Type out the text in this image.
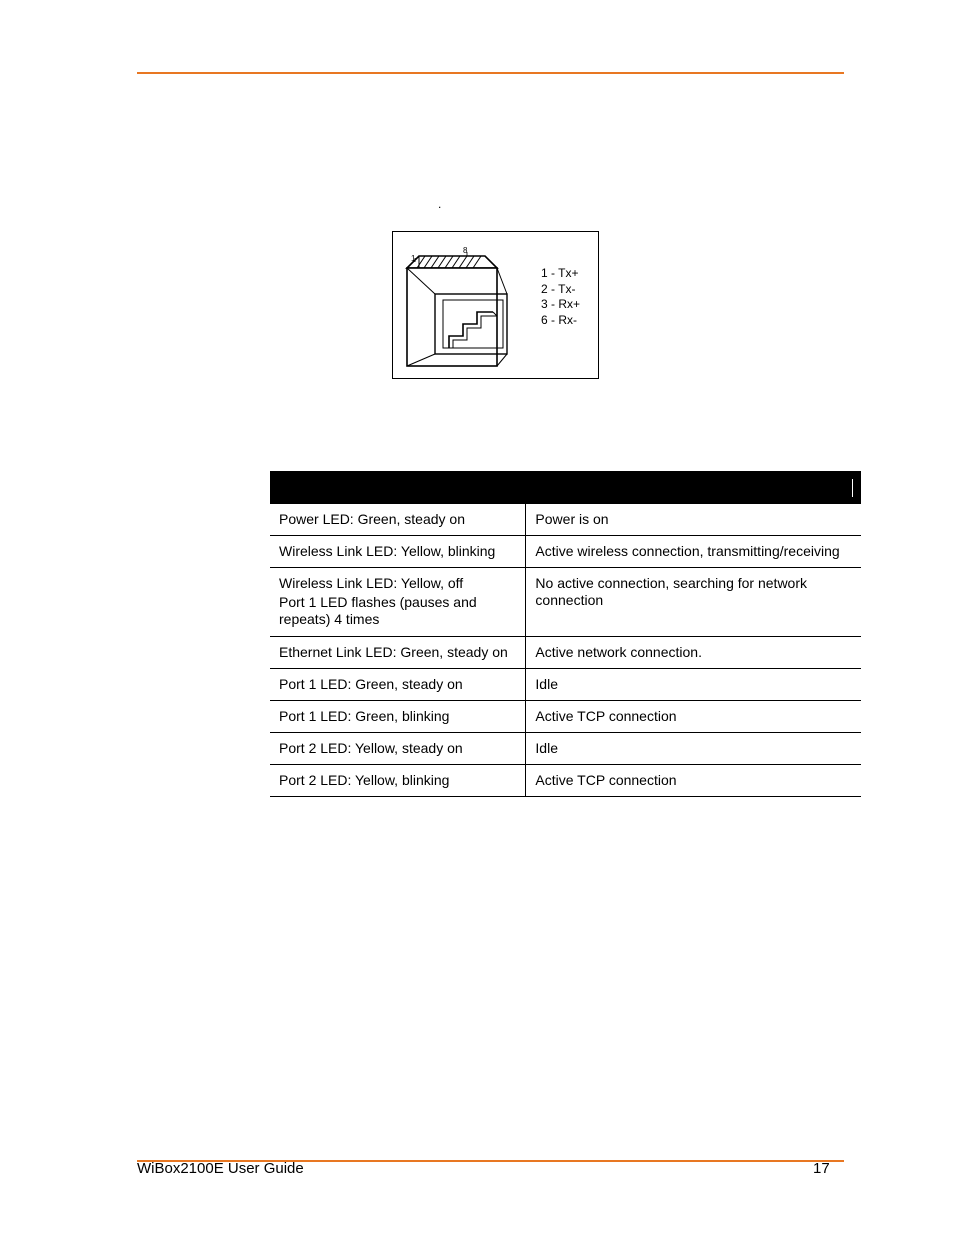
.
1
8
1 - Tx+
2 - Tx-
3 - Rx+
6 - Rx-

Power LED: Green, steady on	Power is on

Wireless Link LED: Yellow, blinking	Active wireless connection, transmitting/receiving

Wireless Link LED: Yellow, off
Port 1 LED flashes (pauses and repeats) 4 times	No active connection, searching for network connection

Ethernet Link LED: Green, steady on	Active network connection.

Port 1 LED: Green, steady on	Idle

Port 1 LED: Green, blinking	Active TCP connection

Port 2 LED: Yellow, steady on	Idle

Port 2 LED: Yellow, blinking	Active TCP connection
WiBox2100E User Guide	17
